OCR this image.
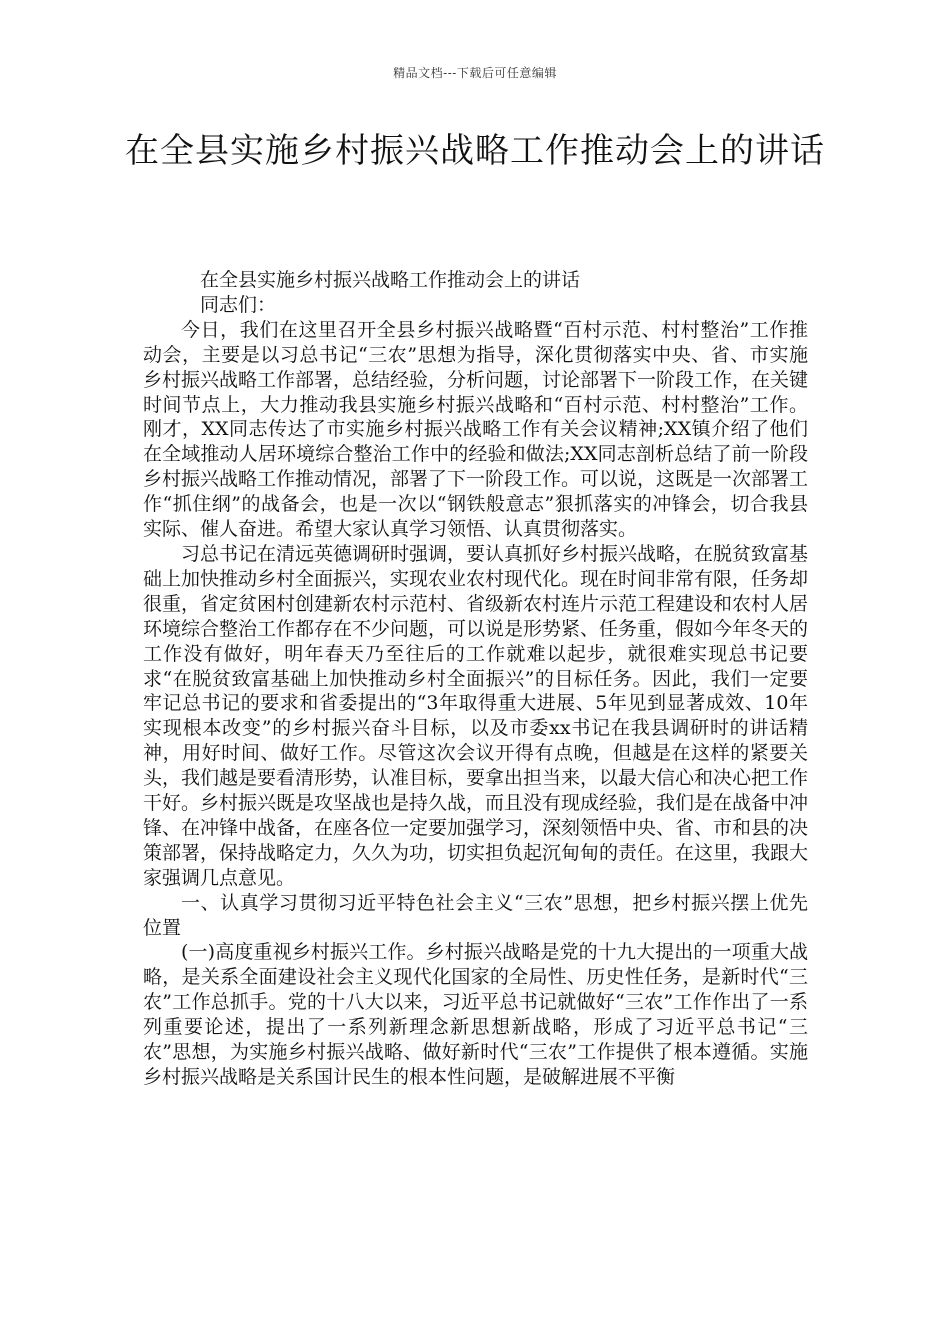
精品文档---下载后可任意编辑
在全县实施乡村振兴战略工作推动会上的讲话

在全县实施乡村振兴战略工作推动会上的讲话

同志们：

今日，我们在这里召开全县乡村振兴战略暨“百村示范、村村整治”工作推动会，主要是以习总书记“三农”思想为指导，深化贯彻落实中央、省、市实施乡村振兴战略工作部署，总结经验，分析问题，讨论部署下一阶段工作，在关键时间节点上，大力推动我县实施乡村振兴战略和“百村示范、村村整治”工作。刚才，XX同志传达了市实施乡村振兴战略工作有关会议精神;XX镇介绍了他们在全域推动人居环境综合整治工作中的经验和做法;XX同志剖析总结了前一阶段乡村振兴战略工作推动情况，部署了下一阶段工作。可以说，这既是一次部署工作“抓住纲”的战备会，也是一次以“钢铁般意志”狠抓落实的冲锋会，切合我县实际、催人奋进。希望大家认真学习领悟、认真贯彻落实。

习总书记在清远英德调研时强调，要认真抓好乡村振兴战略，在脱贫致富基础上加快推动乡村全面振兴，实现农业农村现代化。现在时间非常有限，任务却很重，省定贫困村创建新农村示范村、省级新农村连片示范工程建设和农村人居环境综合整治工作都存在不少问题，可以说是形势紧、任务重，假如今年冬天的工作没有做好，明年春天乃至往后的工作就难以起步，就很难实现总书记要求“在脱贫致富基础上加快推动乡村全面振兴”的目标任务。因此，我们一定要牢记总书记的要求和省委提出的“3年取得重大进展、5年见到显著成效、10年实现根本改变”的乡村振兴奋斗目标，以及市委xx书记在我县调研时的讲话精神，用好时间、做好工作。尽管这次会议开得有点晚，但越是在这样的紧要关头，我们越是要看清形势，认准目标，要拿出担当来，以最大信心和决心把工作干好。乡村振兴既是攻坚战也是持久战，而且没有现成经验，我们是在战备中冲锋、在冲锋中战备，在座各位一定要加强学习，深刻领悟中央、省、市和县的决策部署，保持战略定力，久久为功，切实担负起沉甸甸的责任。在这里，我跟大家强调几点意见。

一、认真学习贯彻习近平特色社会主义“三农”思想，把乡村振兴摆上优先位置

(一)高度重视乡村振兴工作。乡村振兴战略是党的十九大提出的一项重大战略，是关系全面建设社会主义现代化国家的全局性、历史性任务，是新时代“三农”工作总抓手。党的十八大以来，习近平总书记就做好“三农”工作作出了一系列重要论述，提出了一系列新理念新思想新战略，形成了习近平总书记“三农”思想，为实施乡村振兴战略、做好新时代“三农”工作提供了根本遵循。实施乡村振兴战略是关系国计民生的根本性问题，是破解进展不平衡
